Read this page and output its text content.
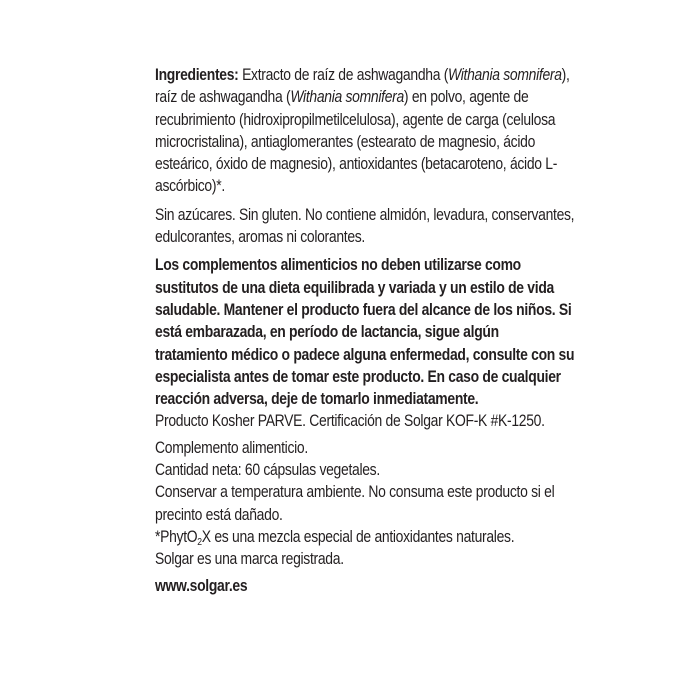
Ingredientes: Extracto de raíz de ashwagandha (Withania somnifera), raíz de ashwagandha (Withania somnifera) en polvo, agente de recubrimiento (hidroxipropilmetilcelulosa), agente de carga (celulosa microcristalina), antiaglomerantes (estearato de magnesio, ácido esteárico, óxido de magnesio), antioxidantes (betacaroteno, ácido L-ascórbico)*.

Sin azúcares. Sin gluten. No contiene almidón, levadura, conservantes, edulcorantes, aromas ni colorantes.

Los complementos alimenticios no deben utilizarse como sustitutos de una dieta equilibrada y variada y un estilo de vida saludable. Mantener el producto fuera del alcance de los niños. Si está embarazada, en período de lactancia, sigue algún tratamiento médico o padece alguna enfermedad, consulte con su especialista antes de tomar este producto. En caso de cualquier reacción adversa, deje de tomarlo inmediatamente.

Producto Kosher PARVE. Certificación de Solgar KOF-K #K-1250.

Complemento alimenticio.

Cantidad neta: 60 cápsulas vegetales.

Conservar a temperatura ambiente. No consuma este producto si el precinto está dañado.

*PhytO$_2$X es una mezcla especial de antioxidantes naturales.

Solgar es una marca registrada.

www.solgar.es
